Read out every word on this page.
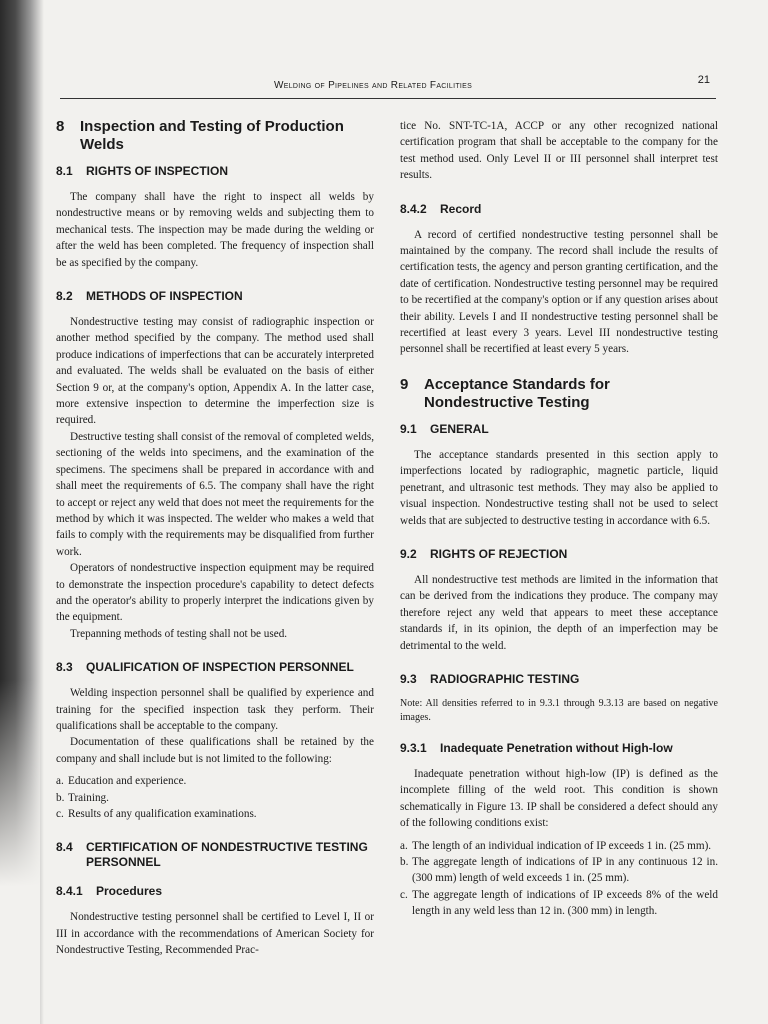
Welding of Pipelines and Related Facilities	21
8	Inspection and Testing of Production Welds
8.1	RIGHTS OF INSPECTION

The company shall have the right to inspect all welds by nondestructive means or by removing welds and subjecting them to mechanical tests. The inspection may be made during the welding or after the weld has been completed. The frequency of inspection shall be as specified by the company.

8.2	METHODS OF INSPECTION

Nondestructive testing may consist of radiographic inspection or another method specified by the company. The method used shall produce indications of imperfections that can be accurately interpreted and evaluated. The welds shall be evaluated on the basis of either Section 9 or, at the company's option, Appendix A. In the latter case, more extensive inspection to determine the imperfection size is required.

Destructive testing shall consist of the removal of completed welds, sectioning of the welds into specimens, and the examination of the specimens. The specimens shall be prepared in accordance with and shall meet the requirements of 6.5. The company shall have the right to accept or reject any weld that does not meet the requirements for the method by which it was inspected. The welder who makes a weld that fails to comply with the requirements may be disqualified from further work.

Operators of nondestructive inspection equipment may be required to demonstrate the inspection procedure's capability to detect defects and the operator's ability to properly interpret the indications given by the equipment.

Trepanning methods of testing shall not be used.

8.3	QUALIFICATION OF INSPECTION PERSONNEL

Welding inspection personnel shall be qualified by experience and training for the specified inspection task they perform. Their qualifications shall be acceptable to the company.

Documentation of these qualifications shall be retained by the company and shall include but is not limited to the following:

a. Education and experience.
b. Training.
c. Results of any qualification examinations.
8.4	CERTIFICATION OF NONDESTRUCTIVE TESTING PERSONNEL
8.4.1	Procedures

Nondestructive testing personnel shall be certified to Level I, II or III in accordance with the recommendations of American Society for Nondestructive Testing, Recommended Prac-

tice No. SNT-TC-1A, ACCP or any other recognized national certification program that shall be acceptable to the company for the test method used. Only Level II or III personnel shall interpret test results.

8.4.2	Record

A record of certified nondestructive testing personnel shall be maintained by the company. The record shall include the results of certification tests, the agency and person granting certification, and the date of certification. Nondestructive testing personnel may be required to be recertified at the company's option or if any question arises about their ability. Levels I and II nondestructive testing personnel shall be recertified at least every 3 years. Level III nondestructive testing personnel shall be recertified at least every 5 years.

9	Acceptance Standards for Nondestructive Testing
9.1	GENERAL

The acceptance standards presented in this section apply to imperfections located by radiographic, magnetic particle, liquid penetrant, and ultrasonic test methods. They may also be applied to visual inspection. Nondestructive testing shall not be used to select welds that are subjected to destructive testing in accordance with 6.5.

9.2	RIGHTS OF REJECTION

All nondestructive test methods are limited in the information that can be derived from the indications they produce. The company may therefore reject any weld that appears to meet these acceptance standards if, in its opinion, the depth of an imperfection may be detrimental to the weld.

9.3	RADIOGRAPHIC TESTING

Note: All densities referred to in 9.3.1 through 9.3.13 are based on negative images.

9.3.1	Inadequate Penetration without High-low

Inadequate penetration without high-low (IP) is defined as the incomplete filling of the weld root. This condition is shown schematically in Figure 13. IP shall be considered a defect should any of the following conditions exist:

a. The length of an individual indication of IP exceeds 1 in. (25 mm).
b. The aggregate length of indications of IP in any continuous 12 in. (300 mm) length of weld exceeds 1 in. (25 mm).
c. The aggregate length of indications of IP exceeds 8% of the weld length in any weld less than 12 in. (300 mm) in length.
